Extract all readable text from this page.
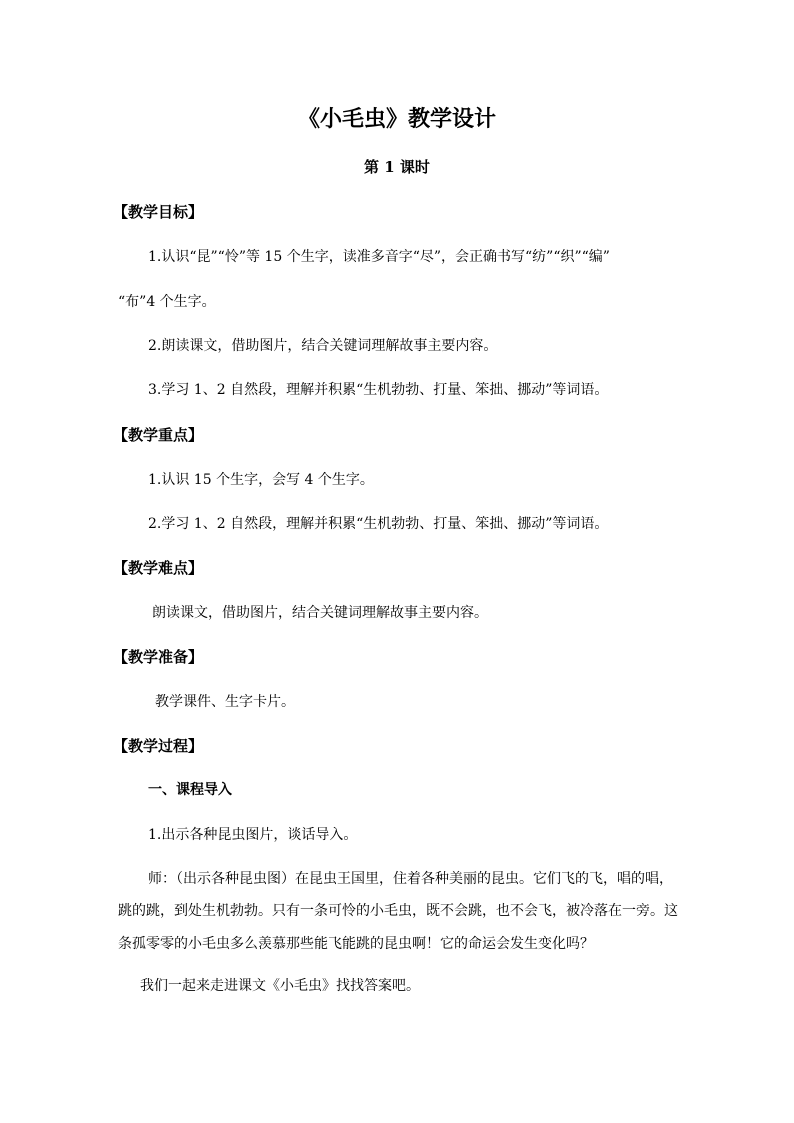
《小毛虫》教学设计
第 1 课时
【教学目标】
1.认识“昆”“怜”等 15 个生字，读准多音字“尽”，会正确书写“纺”“织”“编”
“布”4 个生字。
2.朗读课文，借助图片，结合关键词理解故事主要内容。
3.学习 1、2 自然段，理解并积累“生机勃勃、打量、笨拙、挪动”等词语。
【教学重点】
1.认识 15 个生字，会写 4 个生字。
2.学习 1、2 自然段，理解并积累“生机勃勃、打量、笨拙、挪动”等词语。
【教学难点】
朗读课文，借助图片，结合关键词理解故事主要内容。
【教学准备】
教学课件、生字卡片。
【教学过程】
一、课程导入
1.出示各种昆虫图片，谈话导入。
师：（出示各种昆虫图）在昆虫王国里，住着各种美丽的昆虫。它们飞的飞，唱的唱，
跳的跳，到处生机勃勃。只有一条可怜的小毛虫，既不会跳，也不会飞，被冷落在一旁。这
条孤零零的小毛虫多么羡慕那些能飞能跳的昆虫啊！它的命运会发生变化吗？
我们一起来走进课文《小毛虫》找找答案吧。
